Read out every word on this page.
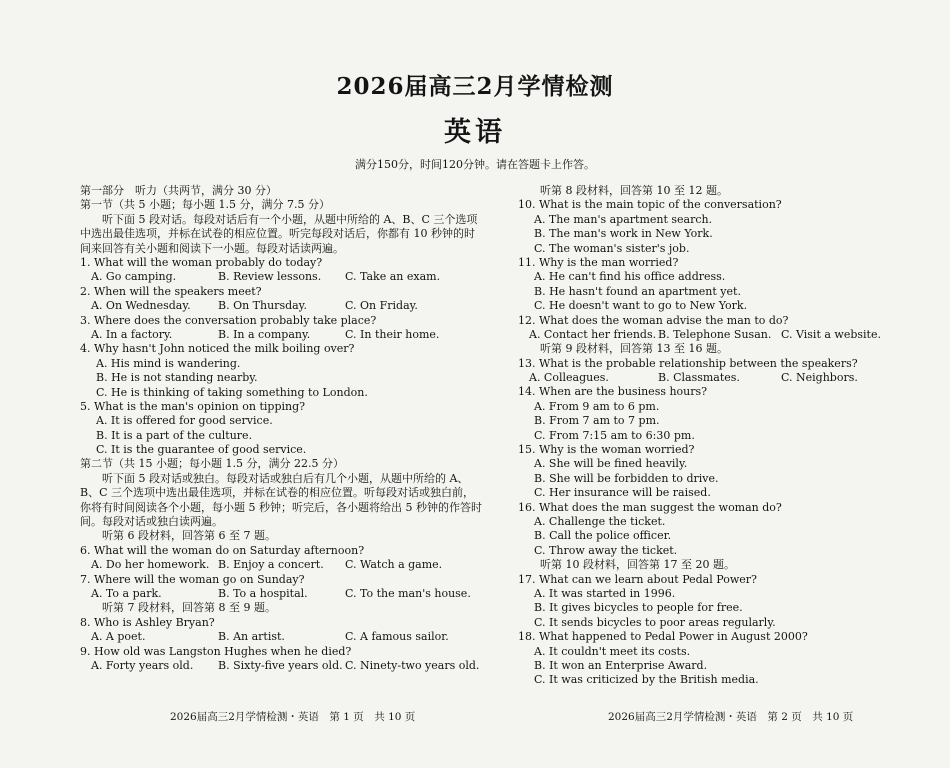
2026届高三2月学情检测
英语
满分150分，时间120分钟。请在答题卡上作答。
第一部分　听力（共两节，满分 30 分）
第一节（共 5 小题；每小题 1.5 分，满分 7.5 分）
听下面 5 段对话。每段对话后有一个小题，从题中所给的 A、B、C 三个选项
中选出最佳选项，并标在试卷的相应位置。听完每段对话后，你都有 10 秒钟的时
间来回答有关小题和阅读下一小题。每段对话读两遍。
1. What will the woman probably do today?
A. Go camping.	B. Review lessons. C. Take an exam.
2. When will the speakers meet?
A. On Wednesday. B. On Thursday.	C. On Friday.
3. Where does the conversation probably take place?
A. In a factory.	B. In a company.	C. In their home.
4. Why hasn't John noticed the milk boiling over?
A. His mind is wandering.
B. He is not standing nearby.
C. He is thinking of taking something to London.
5. What is the man's opinion on tipping?
A. It is offered for good service.
B. It is a part of the culture.
C. It is the guarantee of good service.
第二节（共 15 小题；每小题 1.5 分，满分 22.5 分）
听下面 5 段对话或独白。每段对话或独白后有几个小题，从题中所给的 A、
B、C 三个选项中选出最佳选项，并标在试卷的相应位置。听每段对话或独白前，
你将有时间阅读各个小题，每小题 5 秒钟；听完后，各小题将给出 5 秒钟的作答时
间。每段对话或独白读两遍。
听第 6 段材料，回答第 6 至 7 题。
6. What will the woman do on Saturday afternoon?
A. Do her homework. B. Enjoy a concert. C. Watch a game.
7. Where will the woman go on Sunday?
A. To a park.	B. To a hospital.	C. To the man's house.
听第 7 段材料，回答第 8 至 9 题。
8. Who is Ashley Bryan?
A. A poet.	B. An artist.	C. A famous sailor.
9. How old was Langston Hughes when he died?
A. Forty years old. B. Sixty-five years old. C. Ninety-two years old.
听第 8 段材料，回答第 10 至 12 题。
10. What is the main topic of the conversation?
A. The man's apartment search.
B. The man's work in New York.
C. The woman's sister's job.
11. Why is the man worried?
A. He can't find his office address.
B. He hasn't found an apartment yet.
C. He doesn't want to go to New York.
12. What does the woman advise the man to do?
A. Contact her friends. B. Telephone Susan. C. Visit a website.
听第 9 段材料，回答第 13 至 16 题。
13. What is the probable relationship between the speakers?
A. Colleagues.	B. Classmates.	C. Neighbors.
14. When are the business hours?
A. From 9 am to 6 pm.
B. From 7 am to 7 pm.
C. From 7:15 am to 6:30 pm.
15. Why is the woman worried?
A. She will be fined heavily.
B. She will be forbidden to drive.
C. Her insurance will be raised.
16. What does the man suggest the woman do?
A. Challenge the ticket.
B. Call the police officer.
C. Throw away the ticket.
听第 10 段材料，回答第 17 至 20 题。
17. What can we learn about Pedal Power?
A. It was started in 1996.
B. It gives bicycles to people for free.
C. It sends bicycles to poor areas regularly.
18. What happened to Pedal Power in August 2000?
A. It couldn't meet its costs.
B. It won an Enterprise Award.
C. It was criticized by the British media.
2026届高三2月学情检测・英语　第 1 页　共 10 页	2026届高三2月学情检测・英语　第 2 页　共 10 页
